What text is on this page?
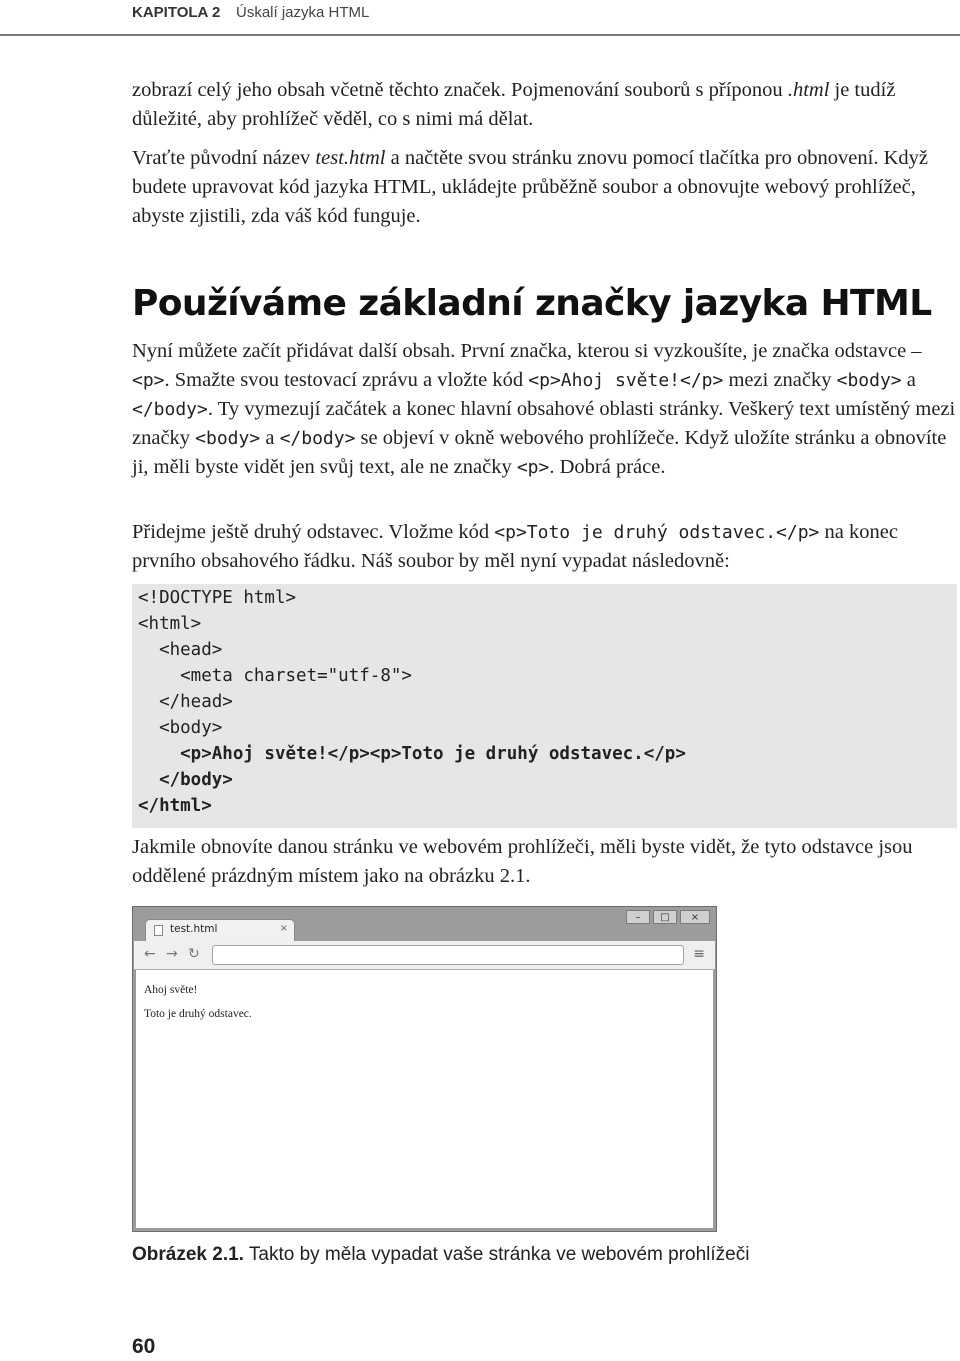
KAPITOLA 2 Úskalí jazyka HTML

zobrazí celý jeho obsah včetně těchto značek. Pojmenování souborů s příponou .html je tudíž důležité, aby prohlížeč věděl, co s nimi má dělat.

Vraťte původní název test.html a načtěte svou stránku znovu pomocí tlačítka pro obnovení. Když budete upravovat kód jazyka HTML, ukládejte průběžně soubor a obnovujte webový prohlížeč, abyste zjistili, zda váš kód funguje.

Používáme základní značky jazyka HTML

Nyní můžete začít přidávat další obsah. První značka, kterou si vyzkoušíte, je značka odstavce – <p>. Smažte svou testovací zprávu a vložte kód <p>Ahoj světe!</p> mezi značky <body> a </body>. Ty vymezují začátek a konec hlavní obsahové oblasti stránky. Veškerý text umístěný mezi značky <body> a </body> se objeví v okně webového prohlížeče. Když uložíte stránku a obnovíte ji, měli byste vidět jen svůj text, ale ne značky <p>. Dobrá práce.

Přidejme ještě druhý odstavec. Vložme kód <p>Toto je druhý odstavec.</p> na konec prvního obsahového řádku. Náš soubor by měl nyní vypadat následovně:

<!DOCTYPE html>
<html>
<head>
<meta charset="utf-8">
</head>
<body>
<p>Ahoj světe!</p><p>Toto je druhý odstavec.</p>
</body>
</html>

Jakmile obnovíte danou stránku ve webovém prohlížeči, měli byste vidět, že tyto odstavce jsou oddělené prázdným místem jako na obrázku 2.1.

–	□	×
test.html	×
← → ↻	≡
Ahoj světe!
Toto je druhý odstavec.
Obrázek 2.1. Takto by měla vypadat vaše stránka ve webovém prohlížeči
60
